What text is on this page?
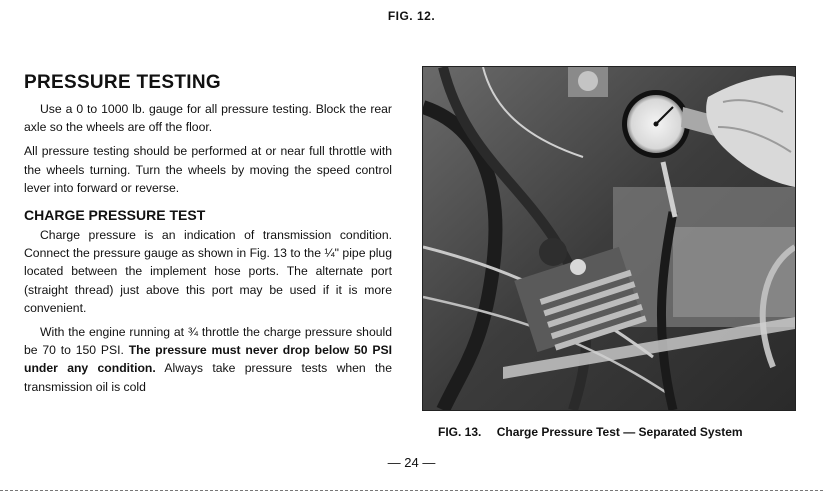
FIG. 12.
PRESSURE TESTING

Use a 0 to 1000 lb. gauge for all pressure testing. Block the rear axle so the wheels are off the floor.

All pressure testing should be performed at or near full throttle with the wheels turning. Turn the wheels by moving the speed control lever into forward or reverse.

CHARGE PRESSURE TEST

Charge pressure is an indication of transmission condition. Connect the pressure gauge as shown in Fig. 13 to the ¼" pipe plug located between the implement hose ports. The alternate port (straight thread) just above this port may be used if it is more convenient.

With the engine running at ¾ throttle the charge pressure should be 70 to 150 PSI. The pressure must never drop below 50 PSI under any condition. Always take pressure tests when the transmission oil is cold

FIG. 13. Charge Pressure Test — Separated System
— 24 —
